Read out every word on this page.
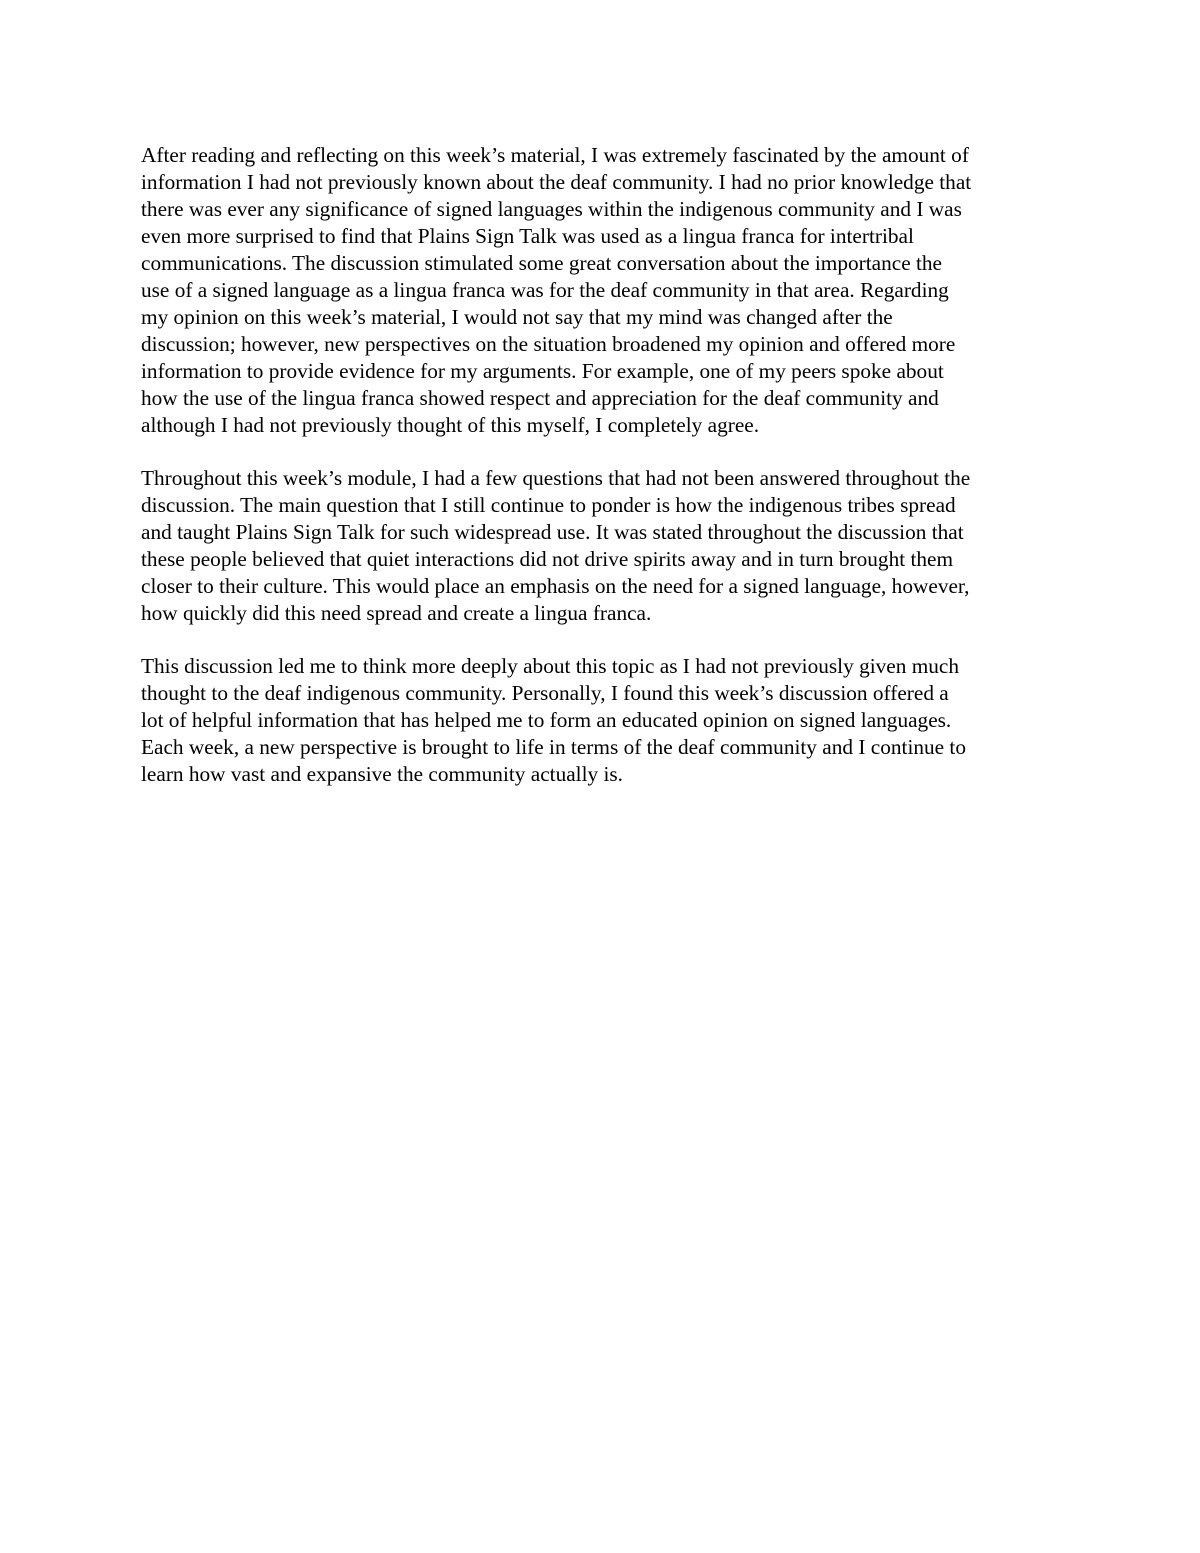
After reading and reflecting on this week’s material, I was extremely fascinated by the amount of
information I had not previously known about the deaf community. I had no prior knowledge that
there was ever any significance of signed languages within the indigenous community and I was
even more surprised to find that Plains Sign Talk was used as a lingua franca for intertribal
communications. The discussion stimulated some great conversation about the importance the
use of a signed language as a lingua franca was for the deaf community in that area. Regarding
my opinion on this week’s material, I would not say that my mind was changed after the
discussion; however, new perspectives on the situation broadened my opinion and offered more
information to provide evidence for my arguments. For example, one of my peers spoke about
how the use of the lingua franca showed respect and appreciation for the deaf community and
although I had not previously thought of this myself, I completely agree.

Throughout this week’s module, I had a few questions that had not been answered throughout the
discussion. The main question that I still continue to ponder is how the indigenous tribes spread
and taught Plains Sign Talk for such widespread use. It was stated throughout the discussion that
these people believed that quiet interactions did not drive spirits away and in turn brought them
closer to their culture. This would place an emphasis on the need for a signed language, however,
how quickly did this need spread and create a lingua franca.

This discussion led me to think more deeply about this topic as I had not previously given much
thought to the deaf indigenous community. Personally, I found this week’s discussion offered a
lot of helpful information that has helped me to form an educated opinion on signed languages.
Each week, a new perspective is brought to life in terms of the deaf community and I continue to
learn how vast and expansive the community actually is.
